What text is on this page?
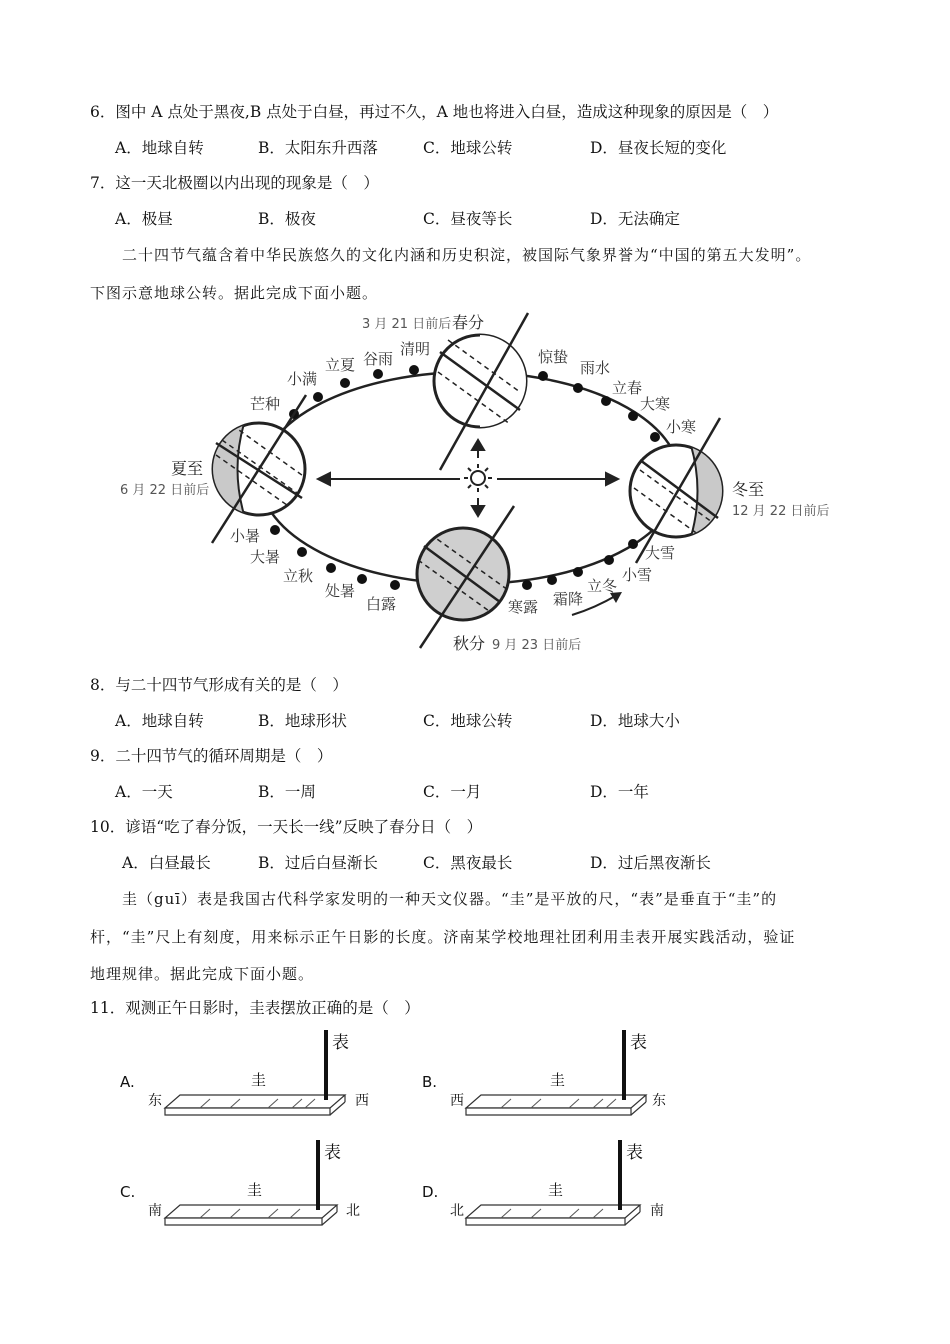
6．图中 A 点处于黑夜,B 点处于白昼，再过不久，A 地也将进入白昼，造成这种现象的原因是（　）
A．地球自转	B．太阳东升西落	C．地球公转	D．昼夜长短的变化
7．这一天北极圈以内出现的现象是（　）
A．极昼	B．极夜	C．昼夜等长	D．无法确定
二十四节气蕴含着中华民族悠久的文化内涵和历史积淀，被国际气象界誉为“中国的第五大发明”。
下图示意地球公转。据此完成下面小题。
3 月 21 日前后 春分
夏至
6 月 22 日前后
秋分 9 月 23 日前后
冬至
12 月 22 日前后
芒种
小满
立夏 谷雨
清明	惊蛰
雨水
立春
大寒
小寒
小暑
大暑
立秋
处暑
白露	寒露 霜降
立冬
小雪
大雪
8．与二十四节气形成有关的是（　）
A．地球自转	B．地球形状	C．地球公转	D．地球大小
9．二十四节气的循环周期是（　）
A．一天	B．一周	C．一月	D．一年
10．谚语“吃了春分饭，一天长一线”反映了春分日（　）
A．白昼最长	B．过后白昼渐长	C．黑夜最长	D．过后黑夜渐长
圭（guī）表是我国古代科学家发明的一种天文仪器。“圭”是平放的尺，“表”是垂直于“圭”的
杆，“圭”尺上有刻度，用来标示正午日影的长度。济南某学校地理社团利用圭表开展实践活动，验证
地理规律。据此完成下面小题。
11．观测正午日影时，圭表摆放正确的是（　）
A.
表
圭
东	西
B.
表
圭
西	东
C.
表
圭
南	北
D.
表
圭
北	南
